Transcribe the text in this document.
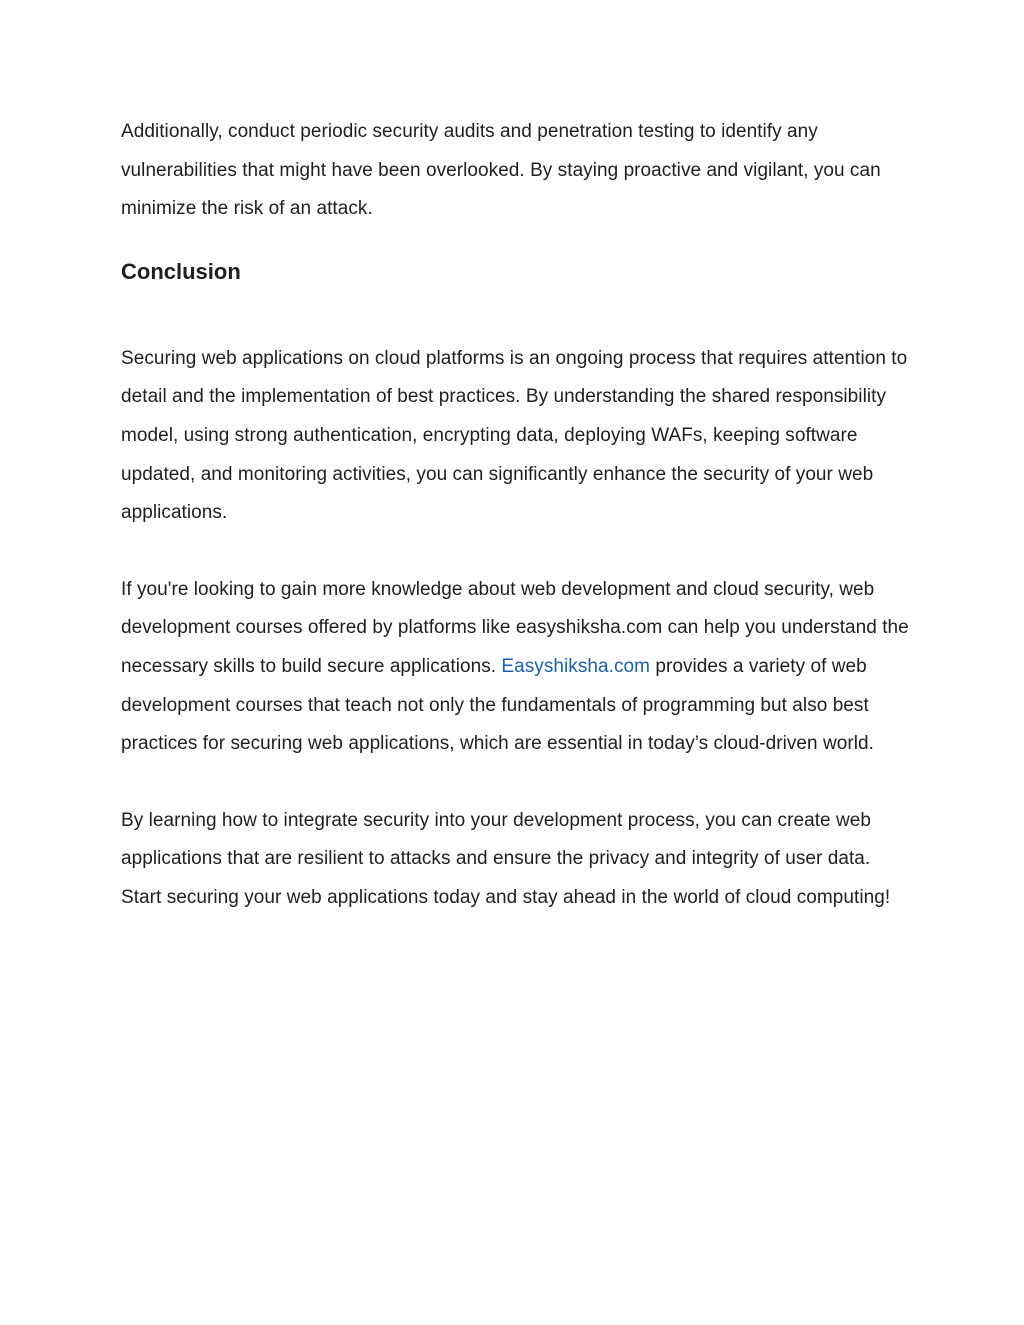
Additionally, conduct periodic security audits and penetration testing to identify any vulnerabilities that might have been overlooked. By staying proactive and vigilant, you can minimize the risk of an attack.

Conclusion

Securing web applications on cloud platforms is an ongoing process that requires attention to detail and the implementation of best practices. By understanding the shared responsibility model, using strong authentication, encrypting data, deploying WAFs, keeping software updated, and monitoring activities, you can significantly enhance the security of your web applications.

If you're looking to gain more knowledge about web development and cloud security, web development courses offered by platforms like easyshiksha.com can help you understand the necessary skills to build secure applications. Easyshiksha.com provides a variety of web development courses that teach not only the fundamentals of programming but also best practices for securing web applications, which are essential in today’s cloud-driven world.

By learning how to integrate security into your development process, you can create web applications that are resilient to attacks and ensure the privacy and integrity of user data. Start securing your web applications today and stay ahead in the world of cloud computing!
